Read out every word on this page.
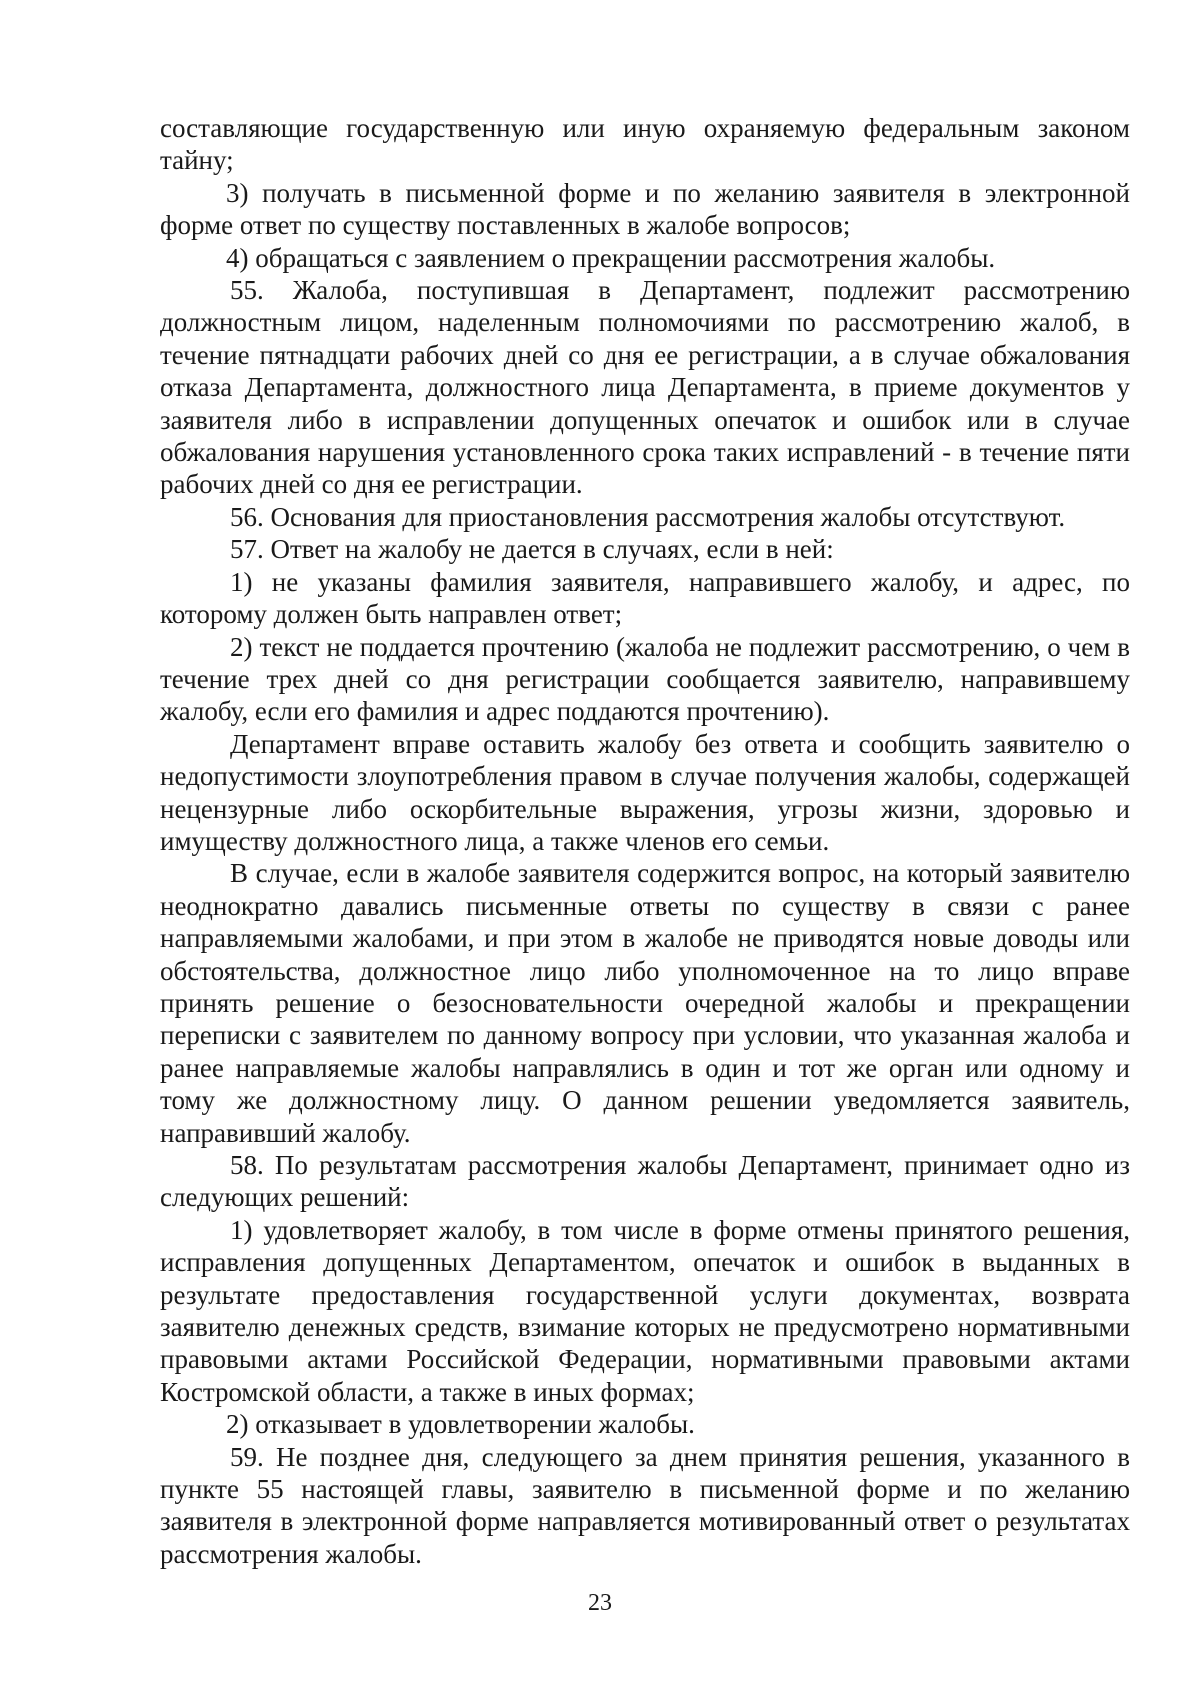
составляющие государственную или иную охраняемую федеральным законом тайну;

3) получать в письменной форме и по желанию заявителя в электронной форме ответ по существу поставленных в жалобе вопросов;

4) обращаться с заявлением о прекращении рассмотрения жалобы.

55. Жалоба, поступившая в Департамент, подлежит рассмотрению должностным лицом, наделенным полномочиями по рассмотрению жалоб, в течение пятнадцати рабочих дней со дня ее регистрации, а в случае обжалования отказа Департамента, должностного лица Департамента, в приеме документов у заявителя либо в исправлении допущенных опечаток и ошибок или в случае обжалования нарушения установленного срока таких исправлений - в течение пяти рабочих дней со дня ее регистрации.

56. Основания для приостановления рассмотрения жалобы отсутствуют.

57. Ответ на жалобу не дается в случаях, если в ней:

1) не указаны фамилия заявителя, направившего жалобу, и адрес, по которому должен быть направлен ответ;

2) текст не поддается прочтению (жалоба не подлежит рассмотрению, о чем в течение трех дней со дня регистрации сообщается заявителю, направившему жалобу, если его фамилия и адрес поддаются прочтению).

Департамент вправе оставить жалобу без ответа и сообщить заявителю о недопустимости злоупотребления правом в случае получения жалобы, содержащей нецензурные либо оскорбительные выражения, угрозы жизни, здоровью и имуществу должностного лица, а также членов его семьи.

В случае, если в жалобе заявителя содержится вопрос, на который заявителю неоднократно давались письменные ответы по существу в связи с ранее направляемыми жалобами, и при этом в жалобе не приводятся новые доводы или обстоятельства, должностное лицо либо уполномоченное на то лицо вправе принять решение о безосновательности очередной жалобы и прекращении переписки с заявителем по данному вопросу при условии, что указанная жалоба и ранее направляемые жалобы направлялись в один и тот же орган или одному и тому же должностному лицу. О данном решении уведомляется заявитель, направивший жалобу.

58. По результатам рассмотрения жалобы Департамент, принимает одно из следующих решений:

1) удовлетворяет жалобу, в том числе в форме отмены принятого решения, исправления допущенных Департаментом, опечаток и ошибок в выданных в результате предоставления государственной услуги документах, возврата заявителю денежных средств, взимание которых не предусмотрено нормативными правовыми актами Российской Федерации, нормативными правовыми актами Костромской области, а также в иных формах;

2) отказывает в удовлетворении жалобы.

59. Не позднее дня, следующего за днем принятия решения, указанного в пункте 55 настоящей главы, заявителю в письменной форме и по желанию заявителя в электронной форме направляется мотивированный ответ о результатах рассмотрения жалобы.

23
